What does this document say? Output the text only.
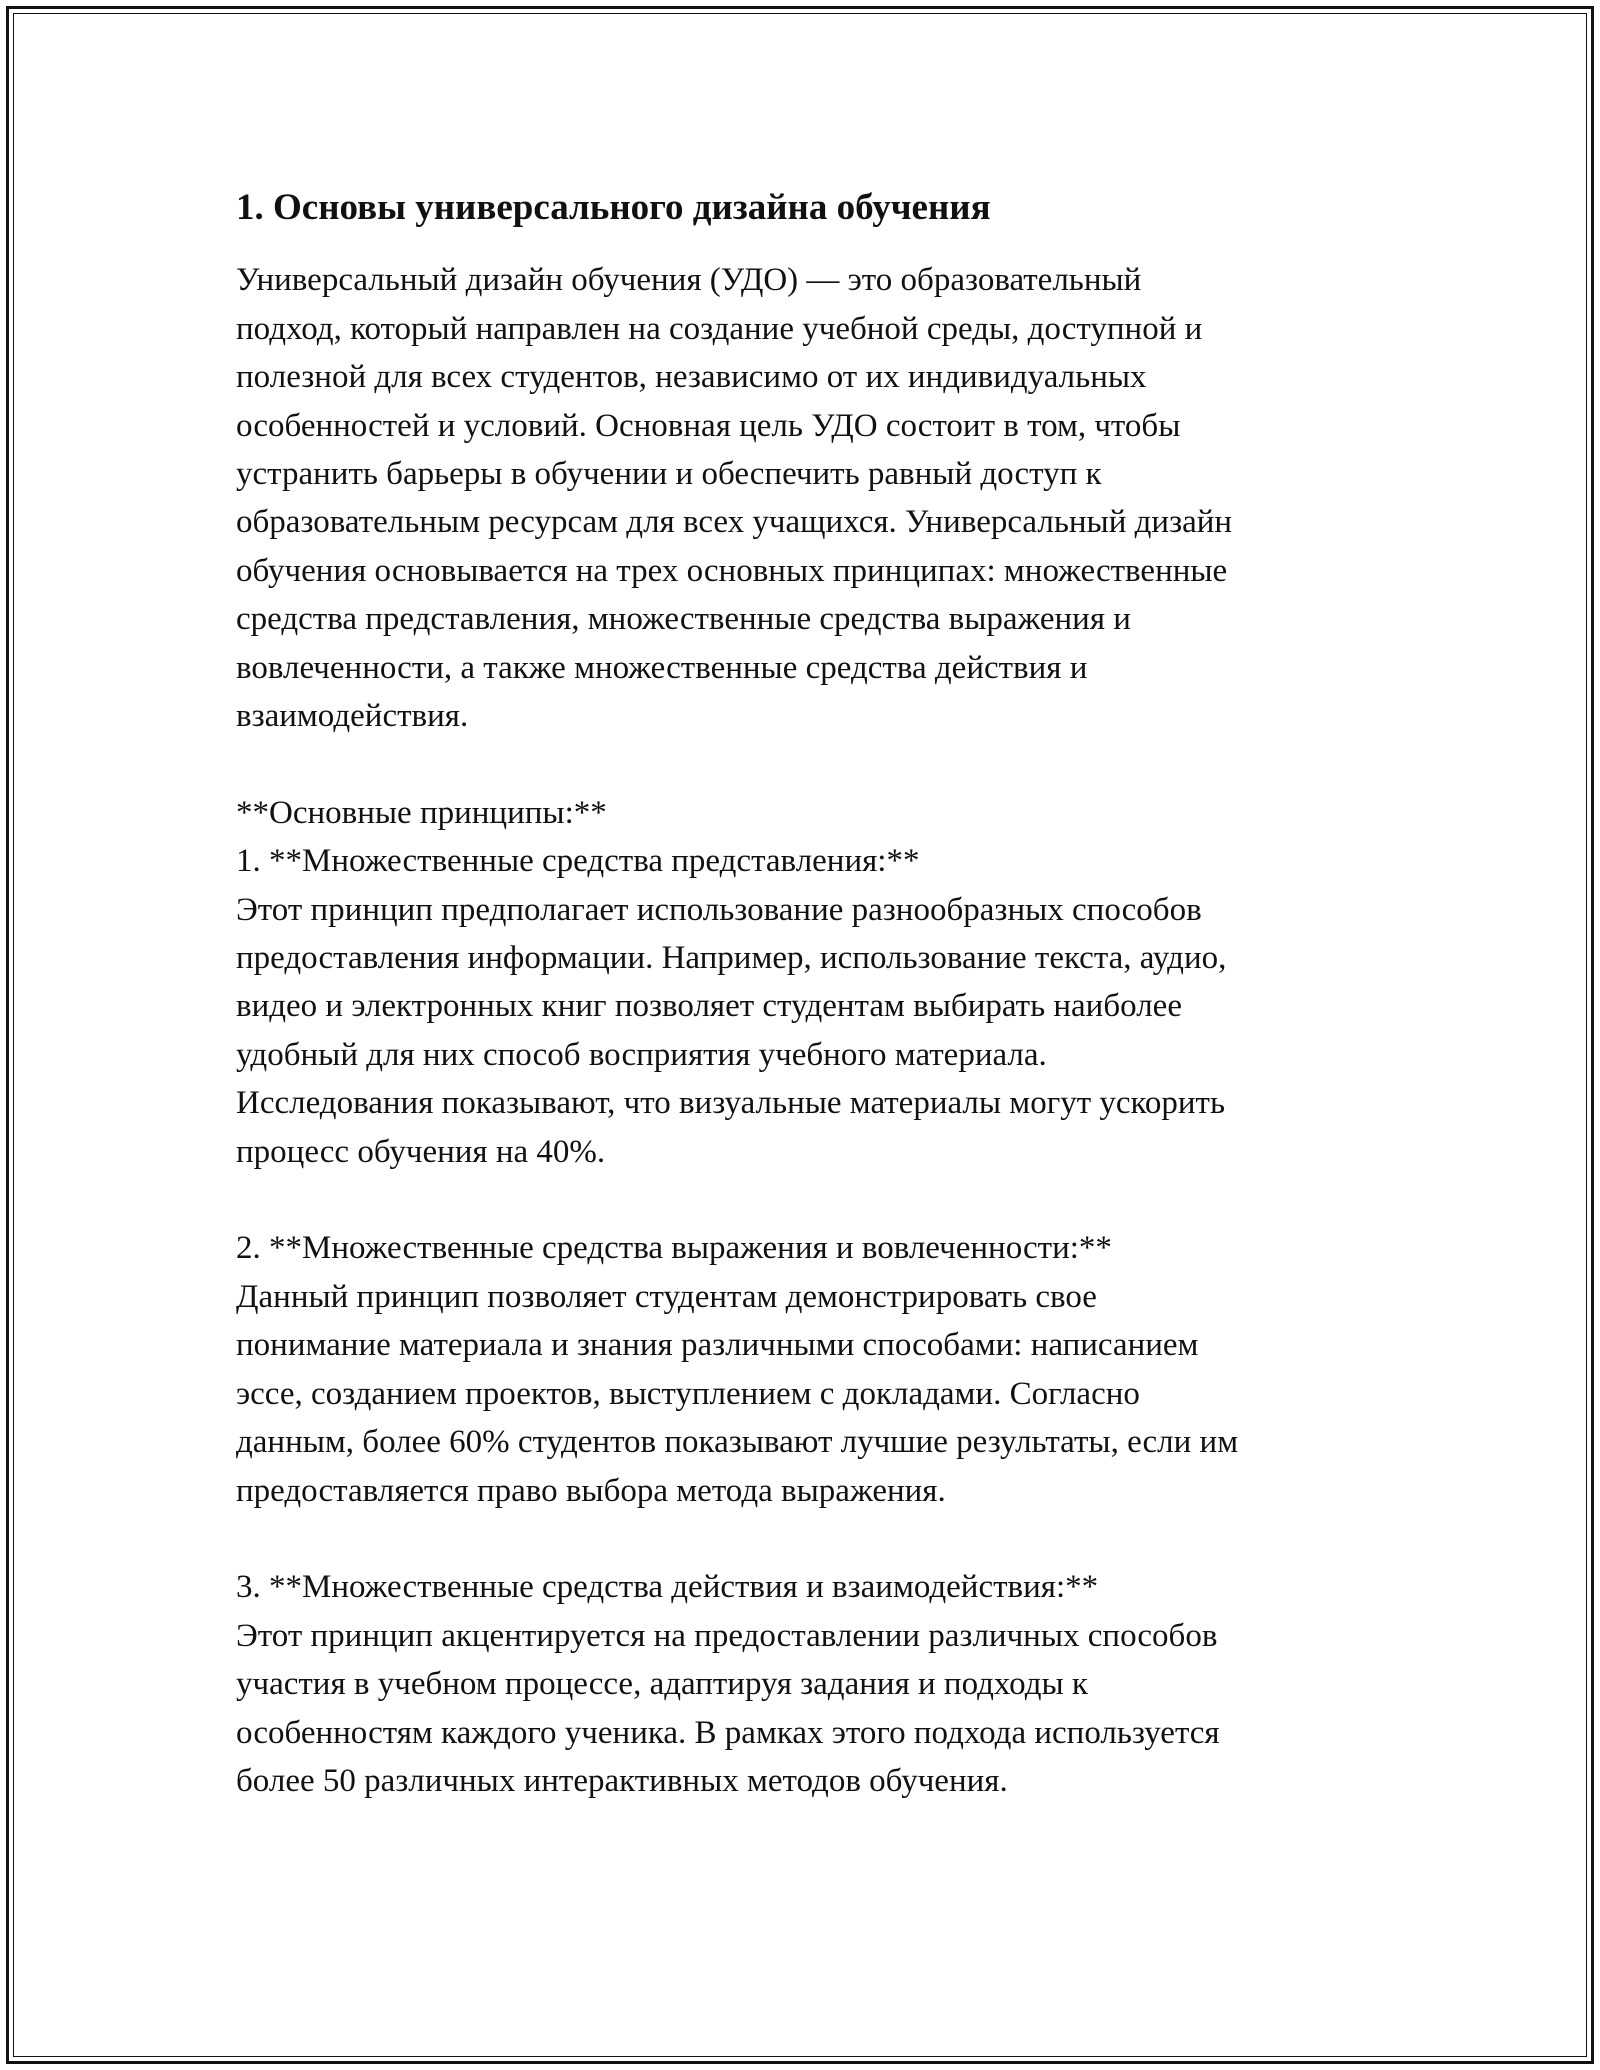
1. Основы универсального дизайна обучения

Универсальный дизайн обучения (УДО) — это образовательный
подход, который направлен на создание учебной среды, доступной и
полезной для всех студентов, независимо от их индивидуальных
особенностей и условий. Основная цель УДО состоит в том, чтобы
устранить барьеры в обучении и обеспечить равный доступ к
образовательным ресурсам для всех учащихся. Универсальный дизайн
обучения основывается на трех основных принципах: множественные
средства представления, множественные средства выражения и
вовлеченности, а также множественные средства действия и
взаимодействия.

**Основные принципы:**

1. **Множественные средства представления:**

Этот принцип предполагает использование разнообразных способов
предоставления информации. Например, использование текста, аудио,
видео и электронных книг позволяет студентам выбирать наиболее
удобный для них способ восприятия учебного материала.
Исследования показывают, что визуальные материалы могут ускорить
процесс обучения на 40%.

2. **Множественные средства выражения и вовлеченности:**

Данный принцип позволяет студентам демонстрировать свое
понимание материала и знания различными способами: написанием
эссе, созданием проектов, выступлением с докладами. Согласно
данным, более 60% студентов показывают лучшие результаты, если им
предоставляется право выбора метода выражения.

3. **Множественные средства действия и взаимодействия:**

Этот принцип акцентируется на предоставлении различных способов
участия в учебном процессе, адаптируя задания и подходы к
особенностям каждого ученика. В рамках этого подхода используется
более 50 различных интерактивных методов обучения.
